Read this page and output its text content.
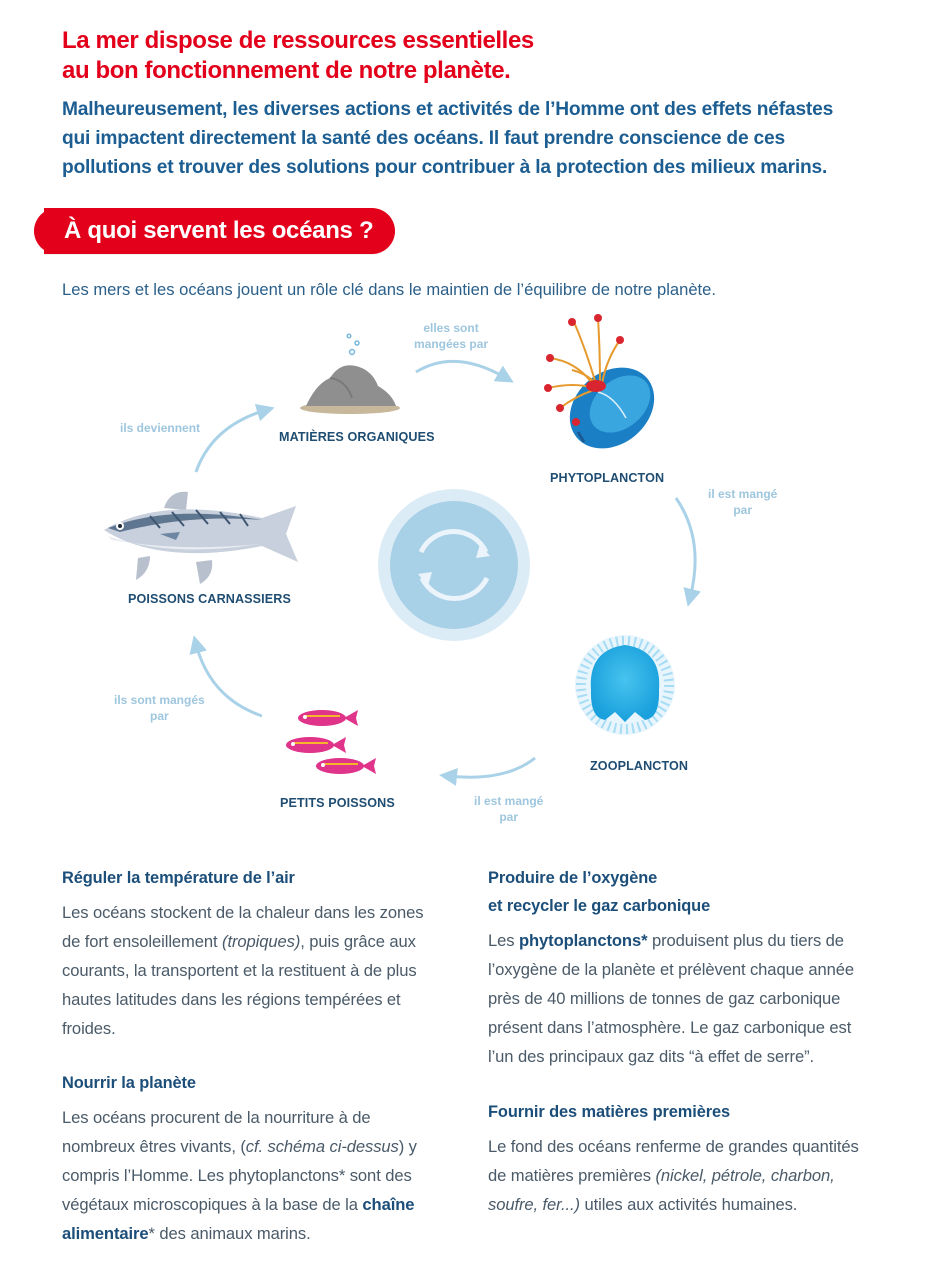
La mer dispose de ressources essentielles
au bon fonctionnement de notre planète.

Malheureusement, les diverses actions et activités de l’Homme ont des effets néfastes
qui impactent directement la santé des océans. Il faut prendre conscience de ces
pollutions et trouver des solutions pour contribuer à la protection des milieux marins.

À quoi servent les océans ?

Les mers et les océans jouent un rôle clé dans le maintien de l’équilibre de notre planète.

MATIÈRES ORGANIQUES
PHYTOPLANCTON
ZOOPLANCTON
PETITS POISSONS
POISSONS CARNASSIERS
elles sont
mangées par
il est mangé
par
il est mangé
par
ils sont mangés
par
ils deviennent
Réguler la température de l’air

Les océans stockent de la chaleur dans les zones
de fort ensoleillement (tropiques), puis grâce aux
courants, la transportent et la restituent à de plus
hautes latitudes dans les régions tempérées et
froides.

Nourrir la planète

Les océans procurent de la nourriture à de
nombreux êtres vivants, (cf. schéma ci-dessus) y
compris l’Homme. Les phytoplanctons* sont des
végétaux microscopiques à la base de la chaîne
alimentaire* des animaux marins.

Produire de l’oxygène
et recycler le gaz carbonique

Les phytoplanctons* produisent plus du tiers de
l’oxygène de la planète et prélèvent chaque année
près de 40 millions de tonnes de gaz carbonique
présent dans l’atmosphère. Le gaz carbonique est
l’un des principaux gaz dits “à effet de serre”.

Fournir des matières premières

Le fond des océans renferme de grandes quantités
de matières premières (nickel, pétrole, charbon,
soufre, fer...) utiles aux activités humaines.
